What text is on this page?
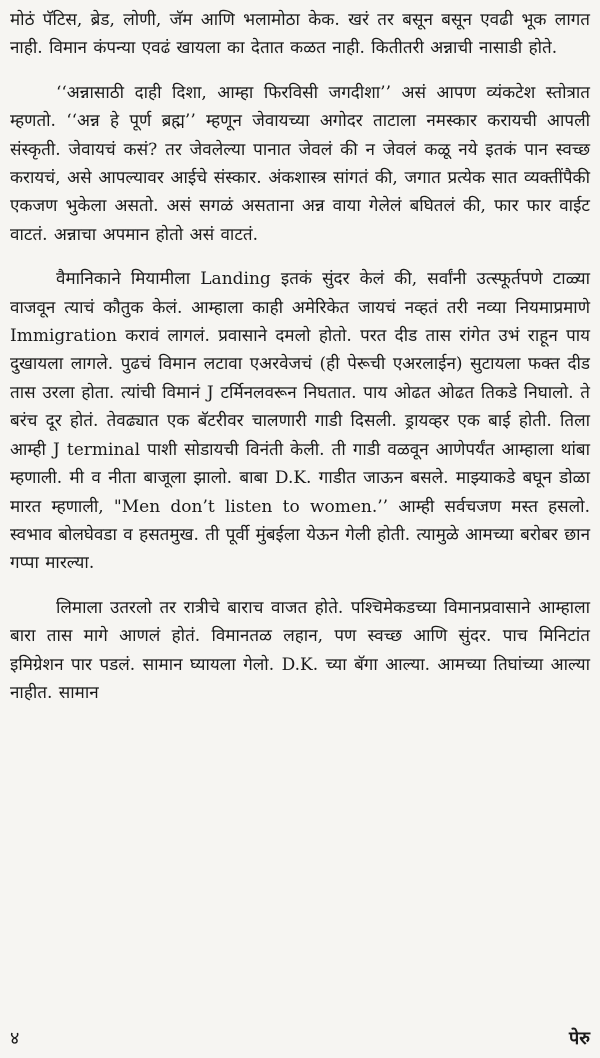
मोठं पॅटिस, ब्रेड, लोणी, जॅम आणि भलामोठा केक. खरं तर बसून बसून एवढी भूक लागत नाही. विमान कंपन्या एवढं खायला का देतात कळत नाही. कितीतरी अन्नाची नासाडी होते.

‘‘अन्नासाठी दाही दिशा, आम्हा फिरविसी जगदीशा’’ असं आपण व्यंकटेश स्तोत्रात म्हणतो. ‘‘अन्न हे पूर्ण ब्रह्म’’ म्हणून जेवायच्या अगोदर ताटाला नमस्कार करायची आपली संस्कृती. जेवायचं कसं? तर जेवलेल्या पानात जेवलं की न जेवलं कळू नये इतकं पान स्वच्छ करायचं, असे आपल्यावर आईचे संस्कार. अंकशास्त्र सांगतं की, जगात प्रत्येक सात व्यक्तींपैकी एकजण भुकेला असतो. असं सगळं असताना अन्न वाया गेलेलं बघितलं की, फार फार वाईट वाटतं. अन्नाचा अपमान होतो असं वाटतं.

वैमानिकाने मियामीला Landing इतकं सुंदर केलं की, सर्वांनी उत्स्फूर्तपणे टाळ्या वाजवून त्याचं कौतुक केलं. आम्हाला काही अमेरिकेत जायचं नव्हतं तरी नव्या नियमाप्रमाणे Immigration करावं लागलं. प्रवासाने दमलो होतो. परत दीड तास रांगेत उभं राहून पाय दुखायला लागले. पुढचं विमान लटावा एअरवेजचं (ही पेरूची एअरलाईन) सुटायला फक्त दीड तास उरला होता. त्यांची विमानं J टर्मिनलवरून निघतात. पाय ओढत ओढत तिकडे निघालो. ते बरंच दूर होतं. तेवढ्यात एक बॅटरीवर चालणारी गाडी दिसली. ड्रायव्हर एक बाई होती. तिला आम्ही J terminal पाशी सोडायची विनंती केली. ती गाडी वळवून आणेपर्यंत आम्हाला थांबा म्हणाली. मी व नीता बाजूला झालो. बाबा D.K. गाडीत जाऊन बसले. माझ्याकडे बघून डोळा मारत म्हणाली, "Men don’t listen to women.’’ आम्ही सर्वचजण मस्त हसलो. स्वभाव बोलघेवडा व हसतमुख. ती पूर्वी मुंबईला येऊन गेली होती. त्यामुळे आमच्या बरोबर छान गप्पा मारल्या.

लिमाला उतरलो तर रात्रीचे बाराच वाजत होते. पश्चिमेकडच्या विमानप्रवासाने आम्हाला बारा तास मागे आणलं होतं. विमानतळ लहान, पण स्वच्छ आणि सुंदर. पाच मिनिटांत इमिग्रेशन पार पडलं. सामान घ्यायला गेलो. D.K. च्या बॅगा आल्या. आमच्या तिघांच्या आल्या नाहीत. सामान

४	पेरु
